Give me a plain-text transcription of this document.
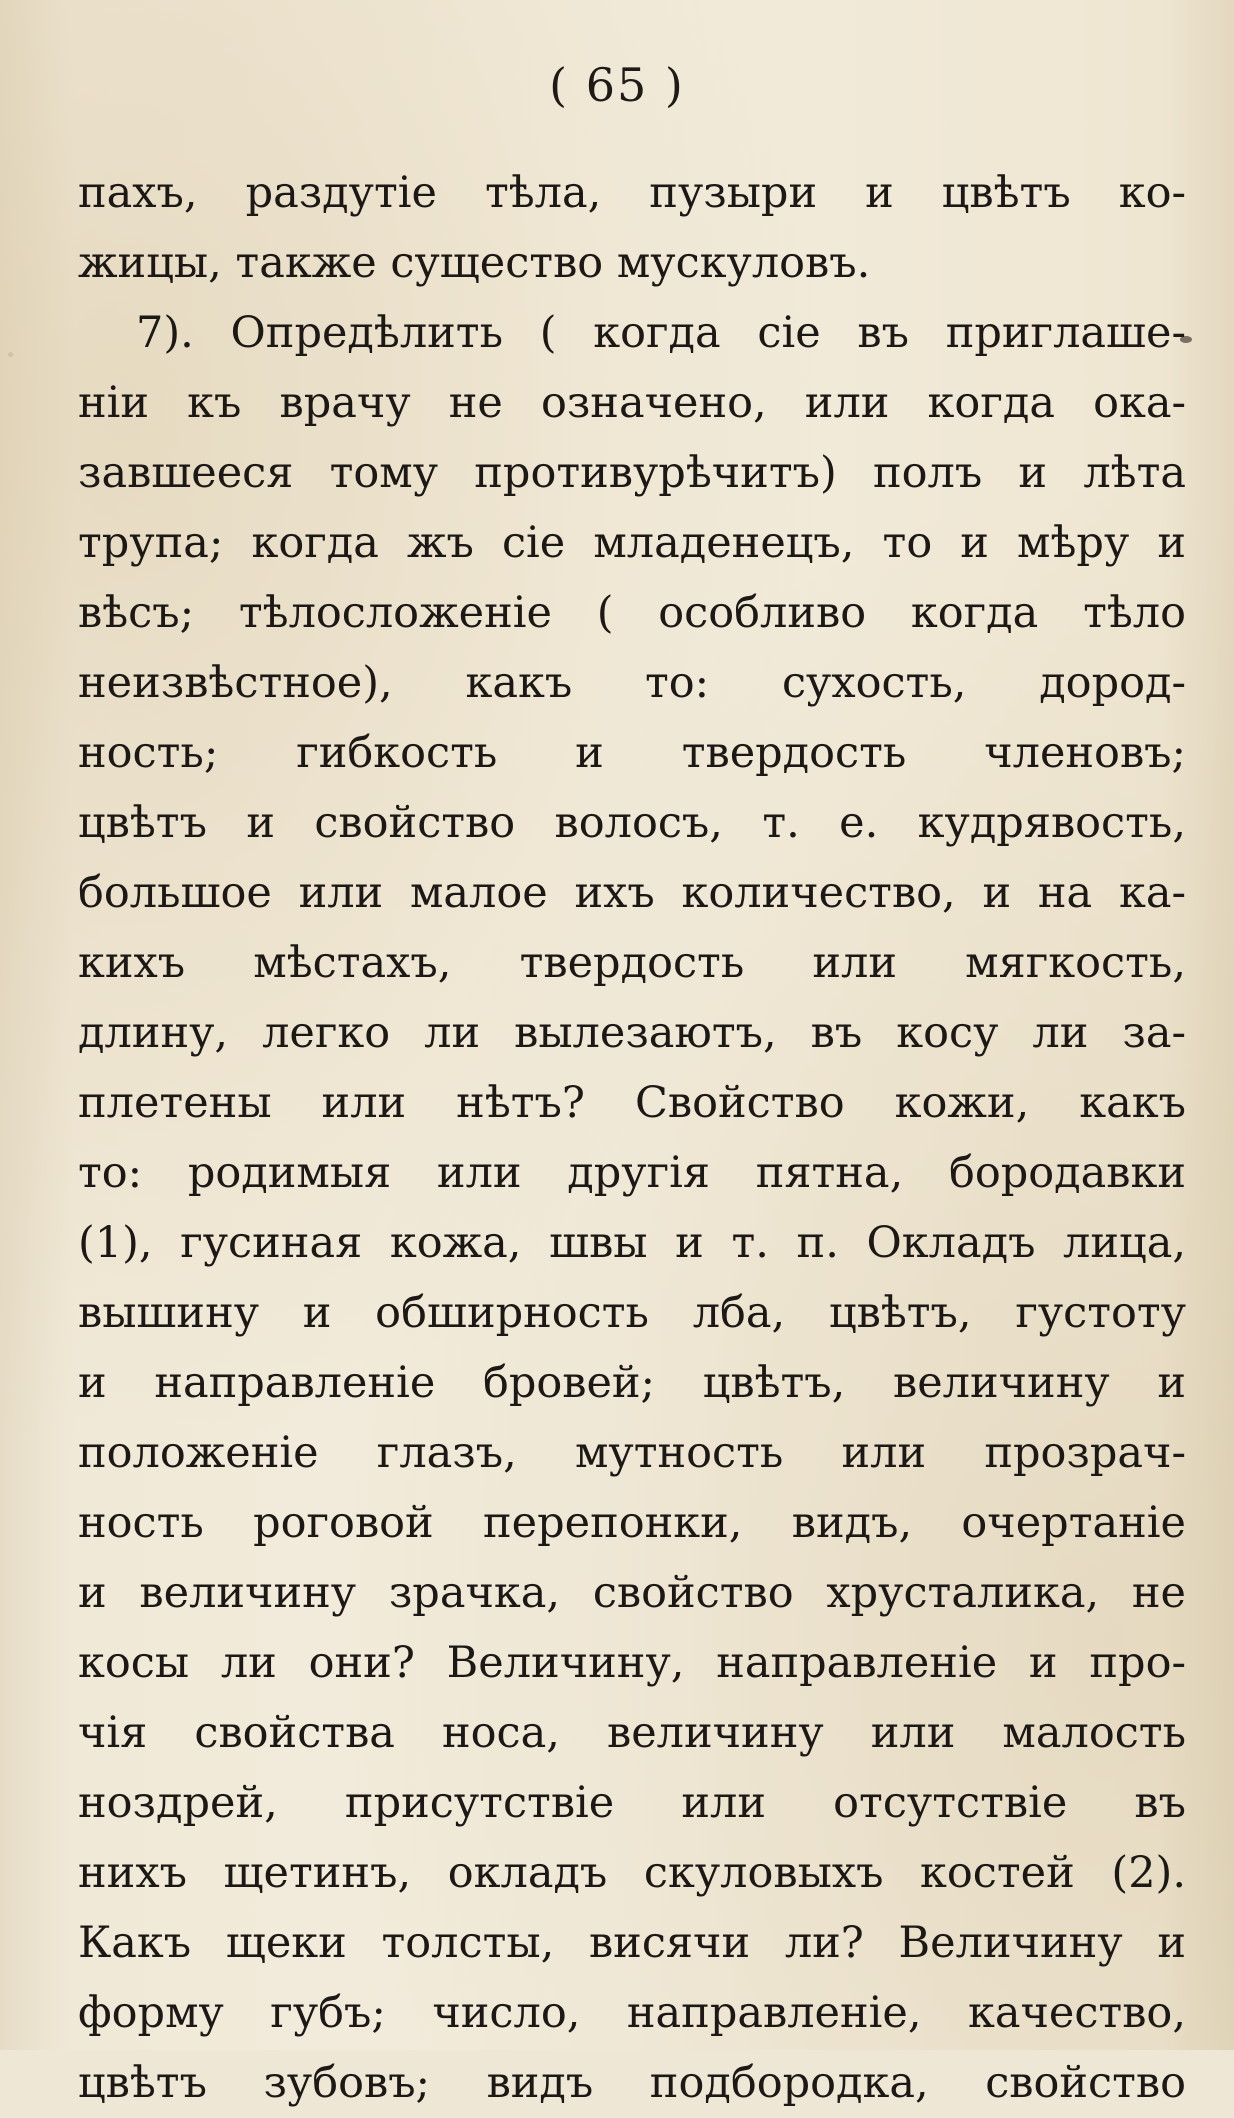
( 65 )
пахъ, раздутіе тѣла, пузыри и цвѣтъ ко-
жицы, также существо мускуловъ.
7). Опредѣлить ( когда сіе въ приглаше-
ніи къ врачу не означено, или когда ока-
завшееся тому противурѣчитъ) полъ и лѣта
трупа; когда жъ сіе младенецъ, то и мѣру и
вѣсъ; тѣлосложеніе ( особливо когда тѣло
неизвѣстное), какъ то: сухость, дород-
ность; гибкость и твердость членовъ;
цвѣтъ и свойство волосъ, т. е. кудрявость,
большое или малое ихъ количество, и на ка-
кихъ мѣстахъ, твердость или мягкость,
длину, легко ли вылезаютъ, въ косу ли за-
плетены или нѣтъ? Свойство кожи, какъ
то: родимыя или другія пятна, бородавки
(1), гусиная кожа, швы и т. п. Окладъ лица,
вышину и обширность лба, цвѣтъ, густоту
и направленіе бровей; цвѣтъ, величину и
положеніе глазъ, мутность или прозрач-
ность роговой перепонки, видъ, очертаніе
и величину зрачка, свойство хрусталика, не
косы ли они? Величину, направленіе и про-
чія свойства носа, величину или малость
ноздрей, присутствіе или отсутствіе въ
нихъ щетинъ, окладъ скуловыхъ костей (2).
Какъ щеки толсты, висячи ли? Величину и
форму губъ; число, направленіе, качество,
цвѣтъ зубовъ; видъ подбородка, свойство
